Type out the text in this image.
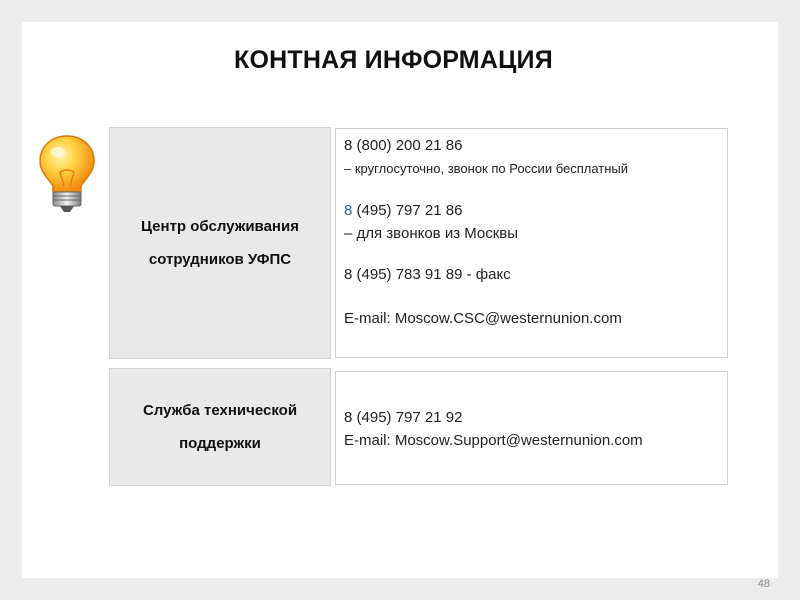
КОНТНАЯ ИНФОРМАЦИЯ
Центр обслуживания
сотрудников УФПС
8 (800) 200 21 86
– круглосуточно, звонок по России бесплатный
8 (495) 797 21 86
– для звонков из Москвы
8 (495) 783 91 89 - факс
E-mail: Moscow.CSC@westernunion.com
Служба технической
поддержки
8 (495) 797 21 92
E-mail: Moscow.Support@westernunion.com
48
